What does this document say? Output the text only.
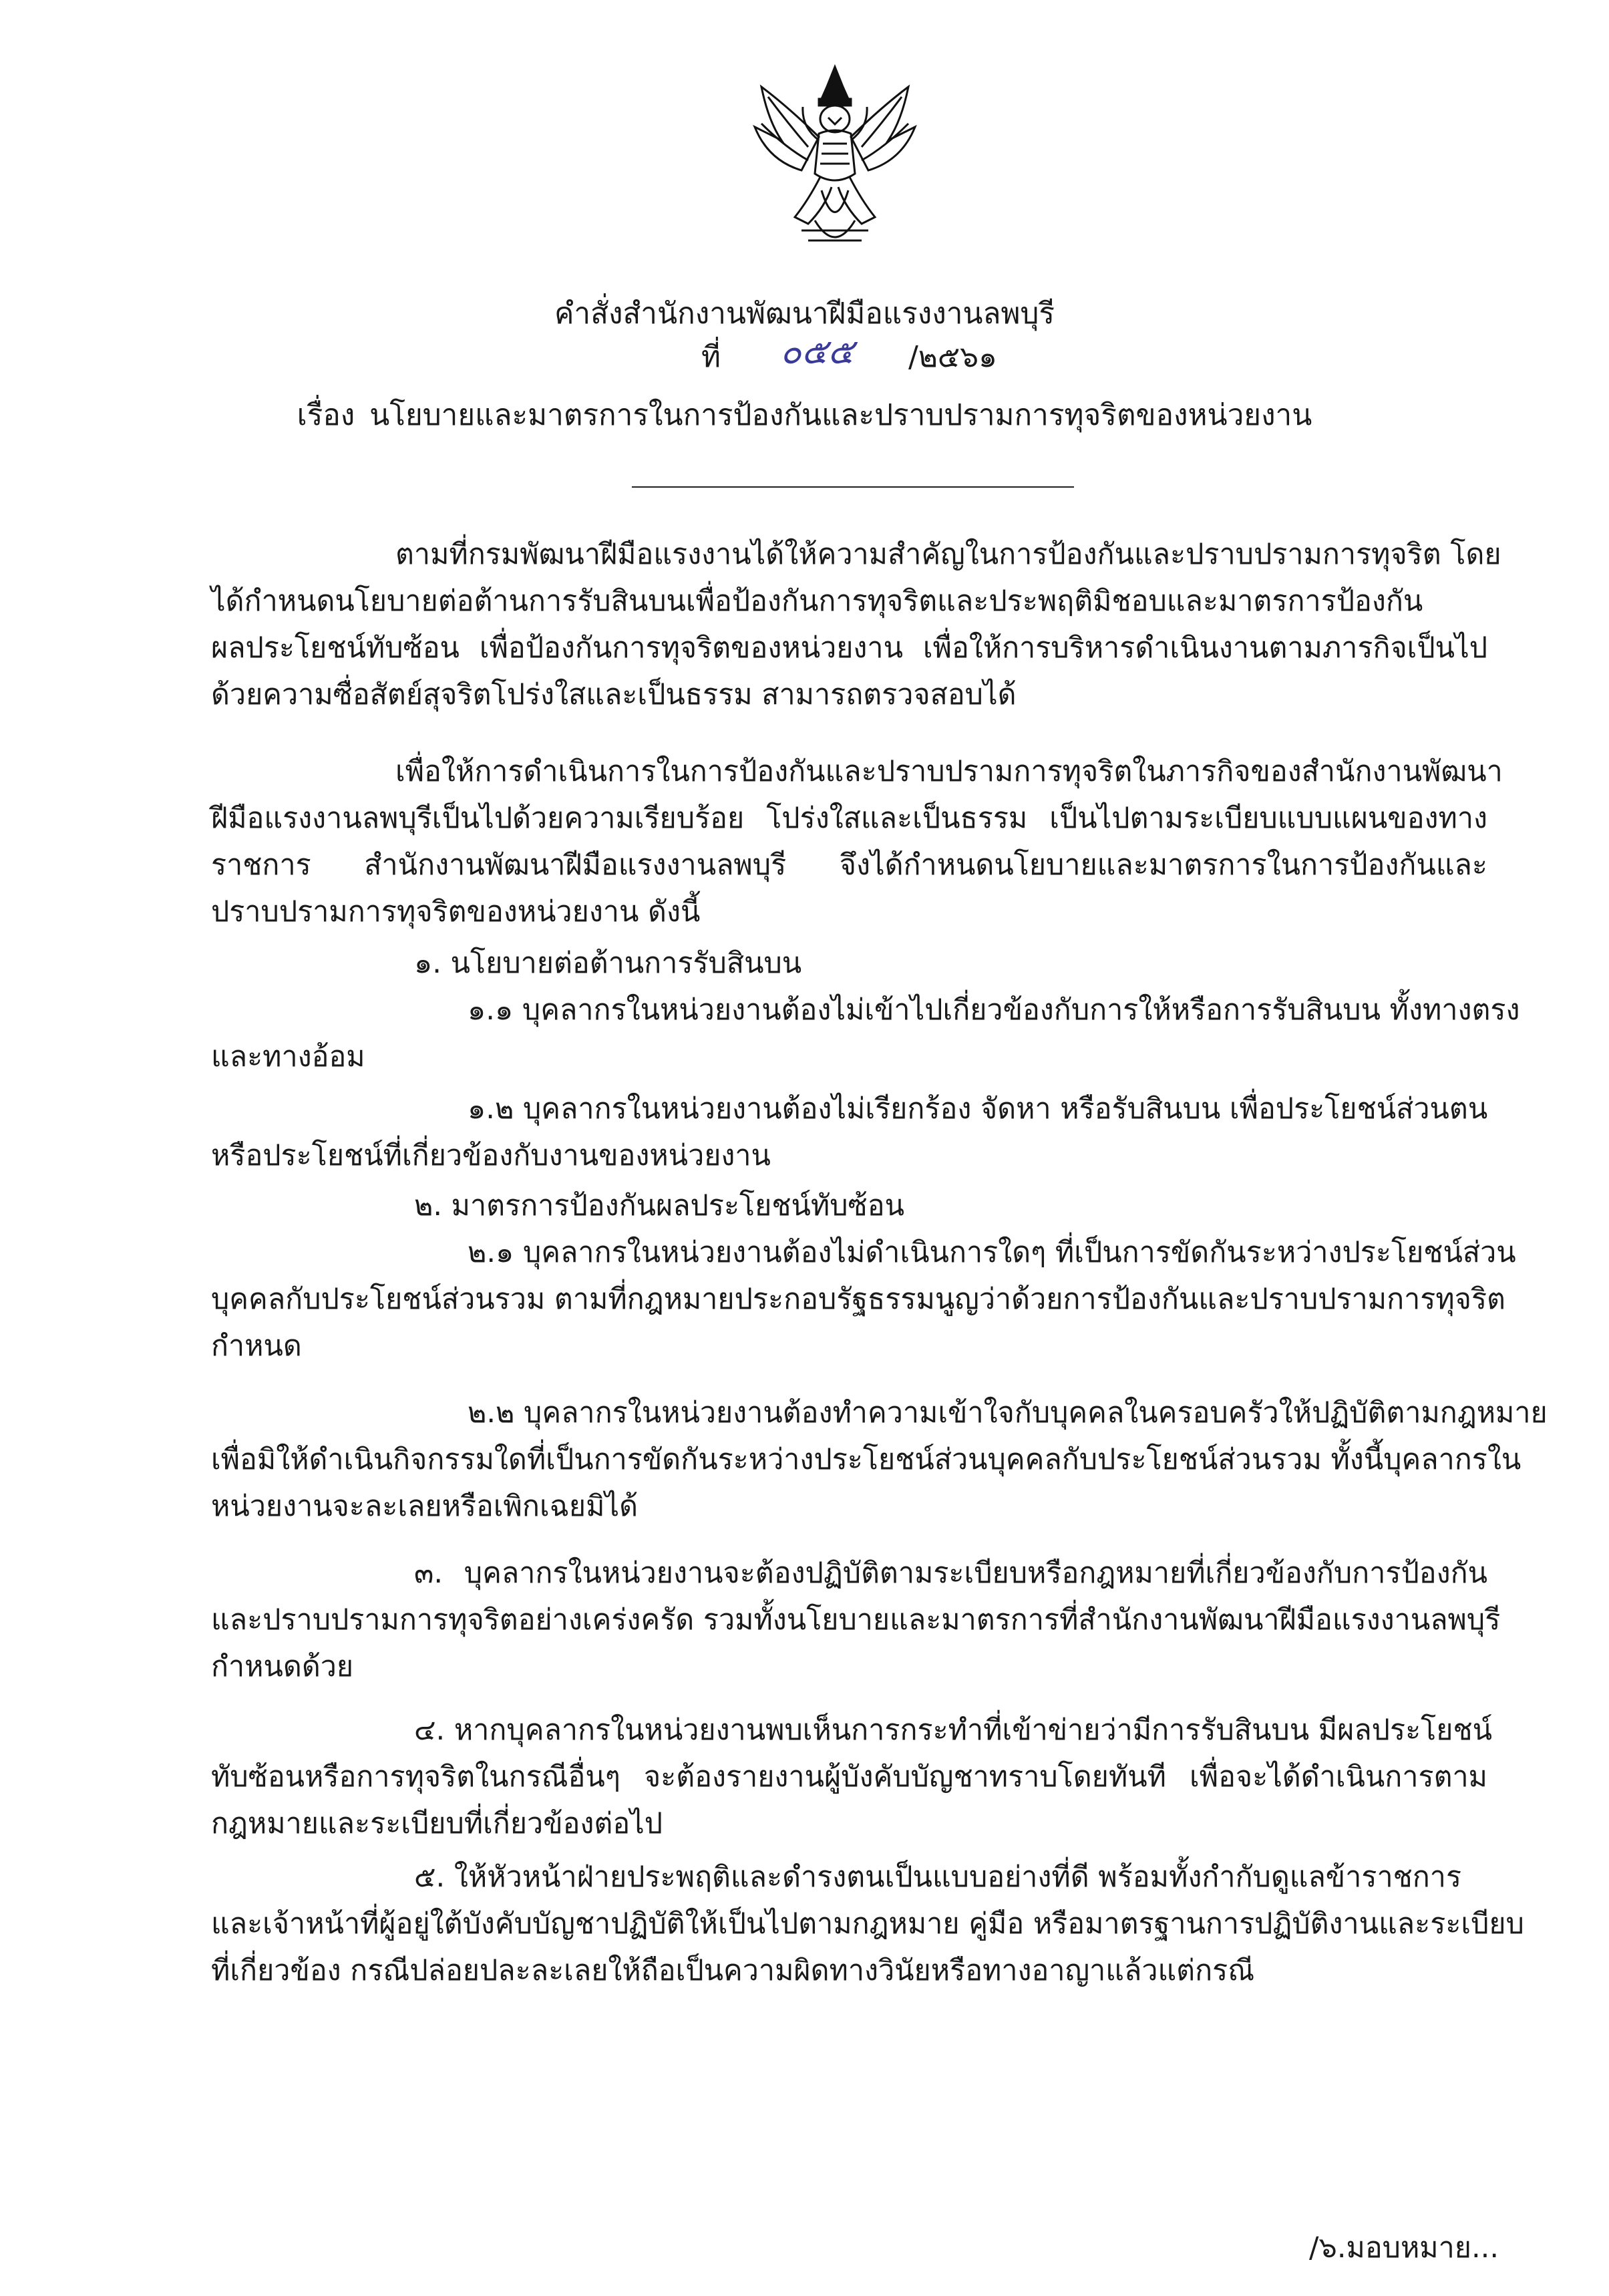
คำสั่งสำนักงานพัฒนาฝีมือแรงงานลพบุรี
ที่ ๐๕๕ /๒๕๖๑
เรื่อง นโยบายและมาตรการในการป้องกันและปราบปรามการทุจริตของหน่วยงาน
ตามที่กรมพัฒนาฝีมือแรงงานได้ให้ความสำคัญในการป้องกันและปราบปรามการทุจริต โดย
ได้กำหนดนโยบายต่อต้านการรับสินบนเพื่อป้องกันการทุจริตและประพฤติมิชอบและมาตรการป้องกัน
ผลประโยชน์ทับซ้อน เพื่อป้องกันการทุจริตของหน่วยงาน เพื่อให้การบริหารดำเนินงานตามภารกิจเป็นไป
ด้วยความซื่อสัตย์สุจริตโปร่งใสและเป็นธรรม สามารถตรวจสอบได้
เพื่อให้การดำเนินการในการป้องกันและปราบปรามการทุจริตในภารกิจของสำนักงานพัฒนา
ฝีมือแรงงานลพบุรีเป็นไปด้วยความเรียบร้อย โปร่งใสและเป็นธรรม เป็นไปตามระเบียบแบบแผนของทาง
ราชการ สำนักงานพัฒนาฝีมือแรงงานลพบุรี จึงได้กำหนดนโยบายและมาตรการในการป้องกันและ
ปราบปรามการทุจริตของหน่วยงาน ดังนี้
๑. นโยบายต่อต้านการรับสินบน
๑.๑ บุคลากรในหน่วยงานต้องไม่เข้าไปเกี่ยวข้องกับการให้หรือการรับสินบน ทั้งทางตรง
และทางอ้อม
๑.๒ บุคลากรในหน่วยงานต้องไม่เรียกร้อง จัดหา หรือรับสินบน เพื่อประโยชน์ส่วนตน
หรือประโยชน์ที่เกี่ยวข้องกับงานของหน่วยงาน
๒. มาตรการป้องกันผลประโยชน์ทับซ้อน
๒.๑ บุคลากรในหน่วยงานต้องไม่ดำเนินการใดๆ ที่เป็นการขัดกันระหว่างประโยชน์ส่วน
บุคคลกับประโยชน์ส่วนรวม ตามที่กฎหมายประกอบรัฐธรรมนูญว่าด้วยการป้องกันและปราบปรามการทุจริต
กำหนด
๒.๒ บุคลากรในหน่วยงานต้องทำความเข้าใจกับบุคคลในครอบครัวให้ปฏิบัติตามกฎหมาย
เพื่อมิให้ดำเนินกิจกรรมใดที่เป็นการขัดกันระหว่างประโยชน์ส่วนบุคคลกับประโยชน์ส่วนรวม ทั้งนี้บุคลากรใน
หน่วยงานจะละเลยหรือเพิกเฉยมิได้
๓. บุคลากรในหน่วยงานจะต้องปฏิบัติตามระเบียบหรือกฎหมายที่เกี่ยวข้องกับการป้องกัน
และปราบปรามการทุจริตอย่างเคร่งครัด รวมทั้งนโยบายและมาตรการที่สำนักงานพัฒนาฝีมือแรงงานลพบุรี
กำหนดด้วย
๔. หากบุคลากรในหน่วยงานพบเห็นการกระทำที่เข้าข่ายว่ามีการรับสินบน มีผลประโยชน์
ทับซ้อนหรือการทุจริตในกรณีอื่นๆ จะต้องรายงานผู้บังคับบัญชาทราบโดยทันที เพื่อจะได้ดำเนินการตาม
กฎหมายและระเบียบที่เกี่ยวข้องต่อไป
๕. ให้หัวหน้าฝ่ายประพฤติและดำรงตนเป็นแบบอย่างที่ดี พร้อมทั้งกำกับดูแลข้าราชการ
และเจ้าหน้าที่ผู้อยู่ใต้บังคับบัญชาปฏิบัติให้เป็นไปตามกฎหมาย คู่มือ หรือมาตรฐานการปฏิบัติงานและระเบียบ
ที่เกี่ยวข้อง กรณีปล่อยปละละเลยให้ถือเป็นความผิดทางวินัยหรือทางอาญาแล้วแต่กรณี
/๖.มอบหมาย...
